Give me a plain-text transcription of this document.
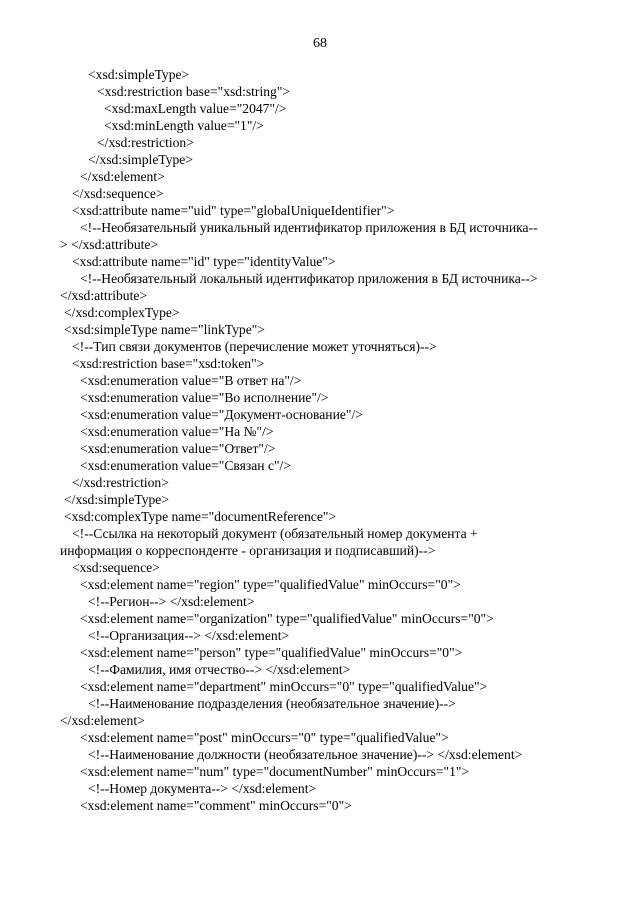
68
<xsd:simpleType>
<xsd:restriction base="xsd:string">
<xsd:maxLength value="2047"/>
<xsd:minLength value="1"/>
</xsd:restriction>
</xsd:simpleType>
</xsd:element>
</xsd:sequence>
<xsd:attribute name="uid" type="globalUniqueIdentifier">
<!--Необязательный уникальный идентификатор приложения в БД источника--
> </xsd:attribute>
<xsd:attribute name="id" type="identityValue">
<!--Необязательный локальный идентификатор приложения в БД источника-->
</xsd:attribute>
</xsd:complexType>
<xsd:simpleType name="linkType">
<!--Тип связи документов (перечисление может уточняться)-->
<xsd:restriction base="xsd:token">
<xsd:enumeration value="В ответ на"/>
<xsd:enumeration value="Во исполнение"/>
<xsd:enumeration value="Документ-основание"/>
<xsd:enumeration value="На №"/>
<xsd:enumeration value="Ответ"/>
<xsd:enumeration value="Связан с"/>
</xsd:restriction>
</xsd:simpleType>
<xsd:complexType name="documentReference">
<!--Ссылка на некоторый документ (обязательный номер документа +
информация о корреспонденте - организация и подписавший)-->
<xsd:sequence>
<xsd:element name="region" type="qualifiedValue" minOccurs="0">
<!--Регион--> </xsd:element>
<xsd:element name="organization" type="qualifiedValue" minOccurs="0">
<!--Организация--> </xsd:element>
<xsd:element name="person" type="qualifiedValue" minOccurs="0">
<!--Фамилия, имя отчество--> </xsd:element>
<xsd:element name="department" minOccurs="0" type="qualifiedValue">
<!--Наименование подразделения (необязательное значение)-->
</xsd:element>
<xsd:element name="post" minOccurs="0" type="qualifiedValue">
<!--Наименование должности (необязательное значение)--> </xsd:element>
<xsd:element name="num" type="documentNumber" minOccurs="1">
<!--Номер документа--> </xsd:element>
<xsd:element name="comment" minOccurs="0">
